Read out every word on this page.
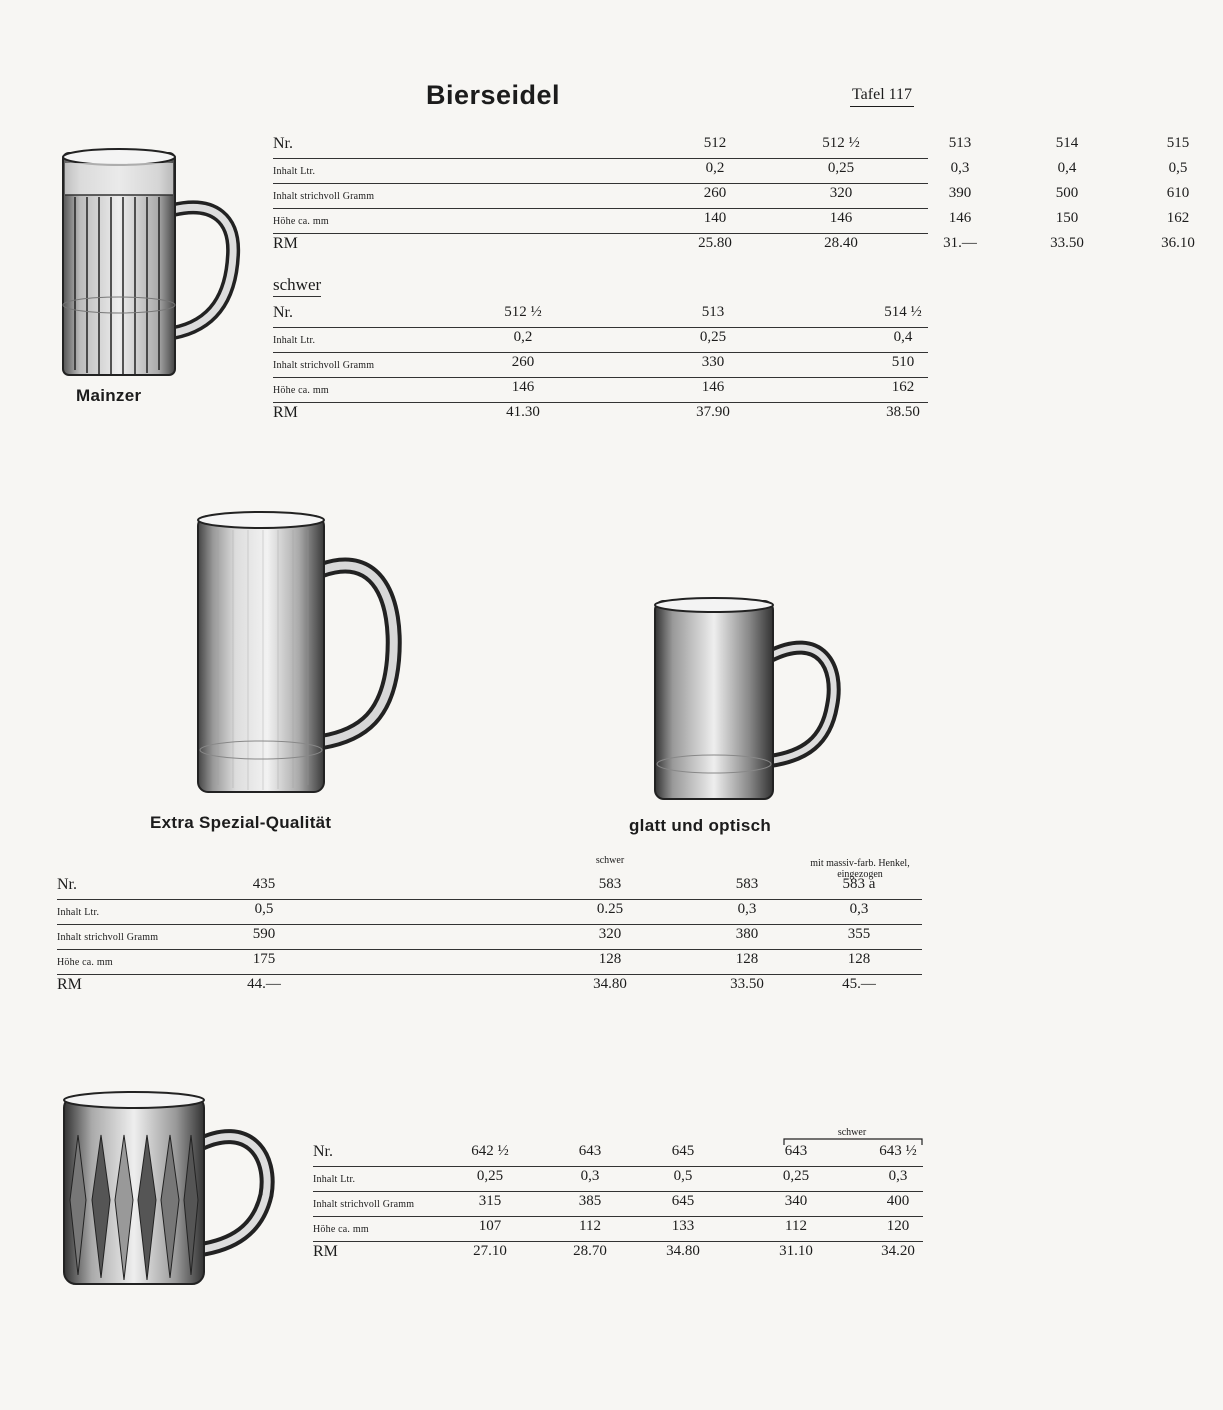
Bierseidel	Tafel 117
Mainzer
Nr.	512	512 ½	513	514	515
Inhalt Ltr.	0,2	0,25	0,3	0,4	0,5
Inhalt strichvoll Gramm	260	320	390	500	610
Höhe ca. mm	140	146	146	150	162
RM	25.80	28.40	31.—	33.50	36.10
schwer
Nr.	512 ½	513	514 ½
Inhalt Ltr.	0,2	0,25	0,4
Inhalt strichvoll Gramm	260	330	510
Höhe ca. mm	146	146	162
RM	41.30	37.90	38.50
Extra Spezial-Qualität	glatt und optisch
schwer	mit massiv-farb. Henkel,
eingezogen
Nr.	435	583	583	583 a
Inhalt Ltr.	0,5	0.25	0,3	0,3
Inhalt strichvoll Gramm	590	320	380	355
Höhe ca. mm	175	128	128	128
RM	44.—	34.80	33.50	45.—
schwer
Nr.	642 ½	643	645	643	643 ½
Inhalt Ltr.	0,25	0,3	0,5	0,25	0,3
Inhalt strichvoll Gramm	315	385	645	340	400
Höhe ca. mm	107	112	133	112	120
RM	27.10	28.70	34.80	31.10	34.20
